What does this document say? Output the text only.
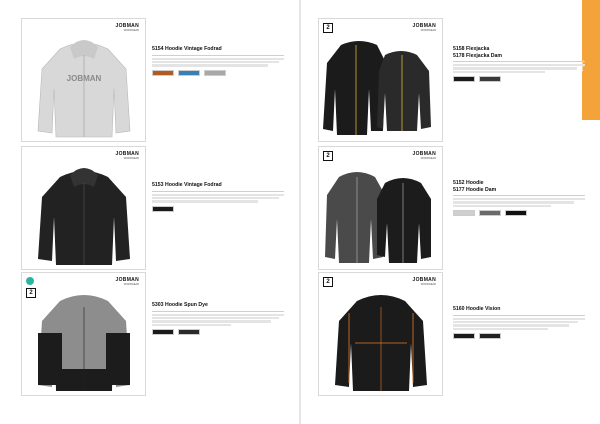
JOBMAN
WORKWEAR
JOBMAN
5154 Hoodie Vintage Fodrad
2	JOBMAN
WORKWEAR
5158 Flexjacka
5178 Flexjacka Dam
JOBMAN
WORKWEAR
5153 Hoodie Vintage Fodrad
2	JOBMAN
WORKWEAR
5152 Hoodie
5177 Hoodie Dam
2
JOBMAN
WORKWEAR
5303 Hoodie Spun Dye
2	JOBMAN
WORKWEAR
5160 Hoodie Vision
